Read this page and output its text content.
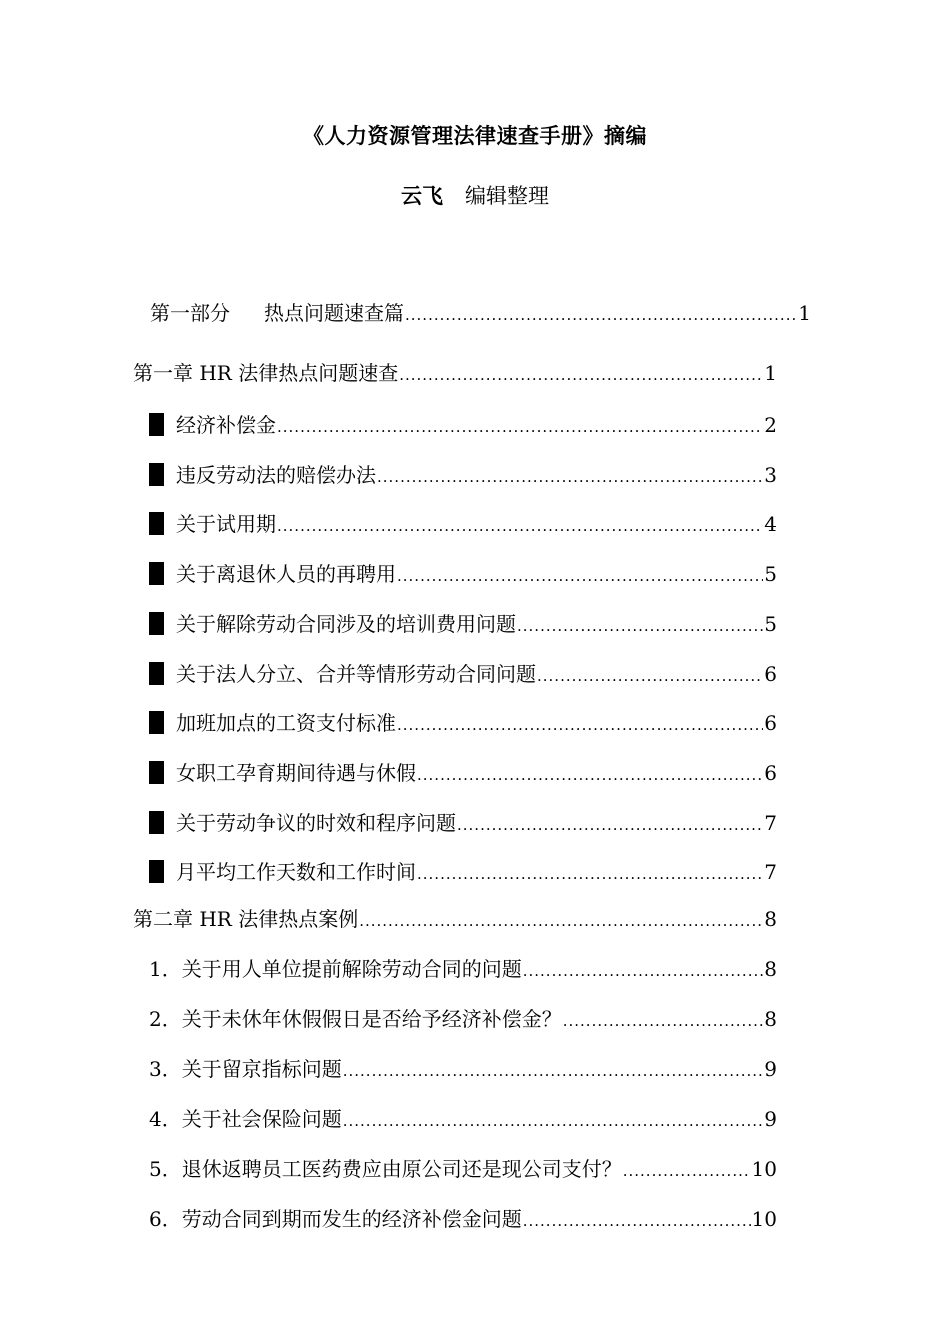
《人力资源管理法律速查手册》摘编
云飞 编辑整理
第一部分 热点问题速查篇 .....	1
第一章 HR 法律热点问题速查 .....	1
经济补偿金 .....	2
违反劳动法的赔偿办法 .....	3
关于试用期 .....	4
关于离退休人员的再聘用 .....	5
关于解除劳动合同涉及的培训费用问题 .....	5
关于法人分立、合并等情形劳动合同问题 .....	6
加班加点的工资支付标准 .....	6
女职工孕育期间待遇与休假 .....	6
关于劳动争议的时效和程序问题 .....	7
月平均工作天数和工作时间 .....	7
第二章 HR 法律热点案例 .....	8
1．关于用人单位提前解除劳动合同的问题 .....	8
2．关于未休年休假假日是否给予经济补偿金？ .....	8
3．关于留京指标问题 .....	9
4．关于社会保险问题 .....	9
5．退休返聘员工医药费应由原公司还是现公司支付？ .....	10
6．劳动合同到期而发生的经济补偿金问题 .....	10
